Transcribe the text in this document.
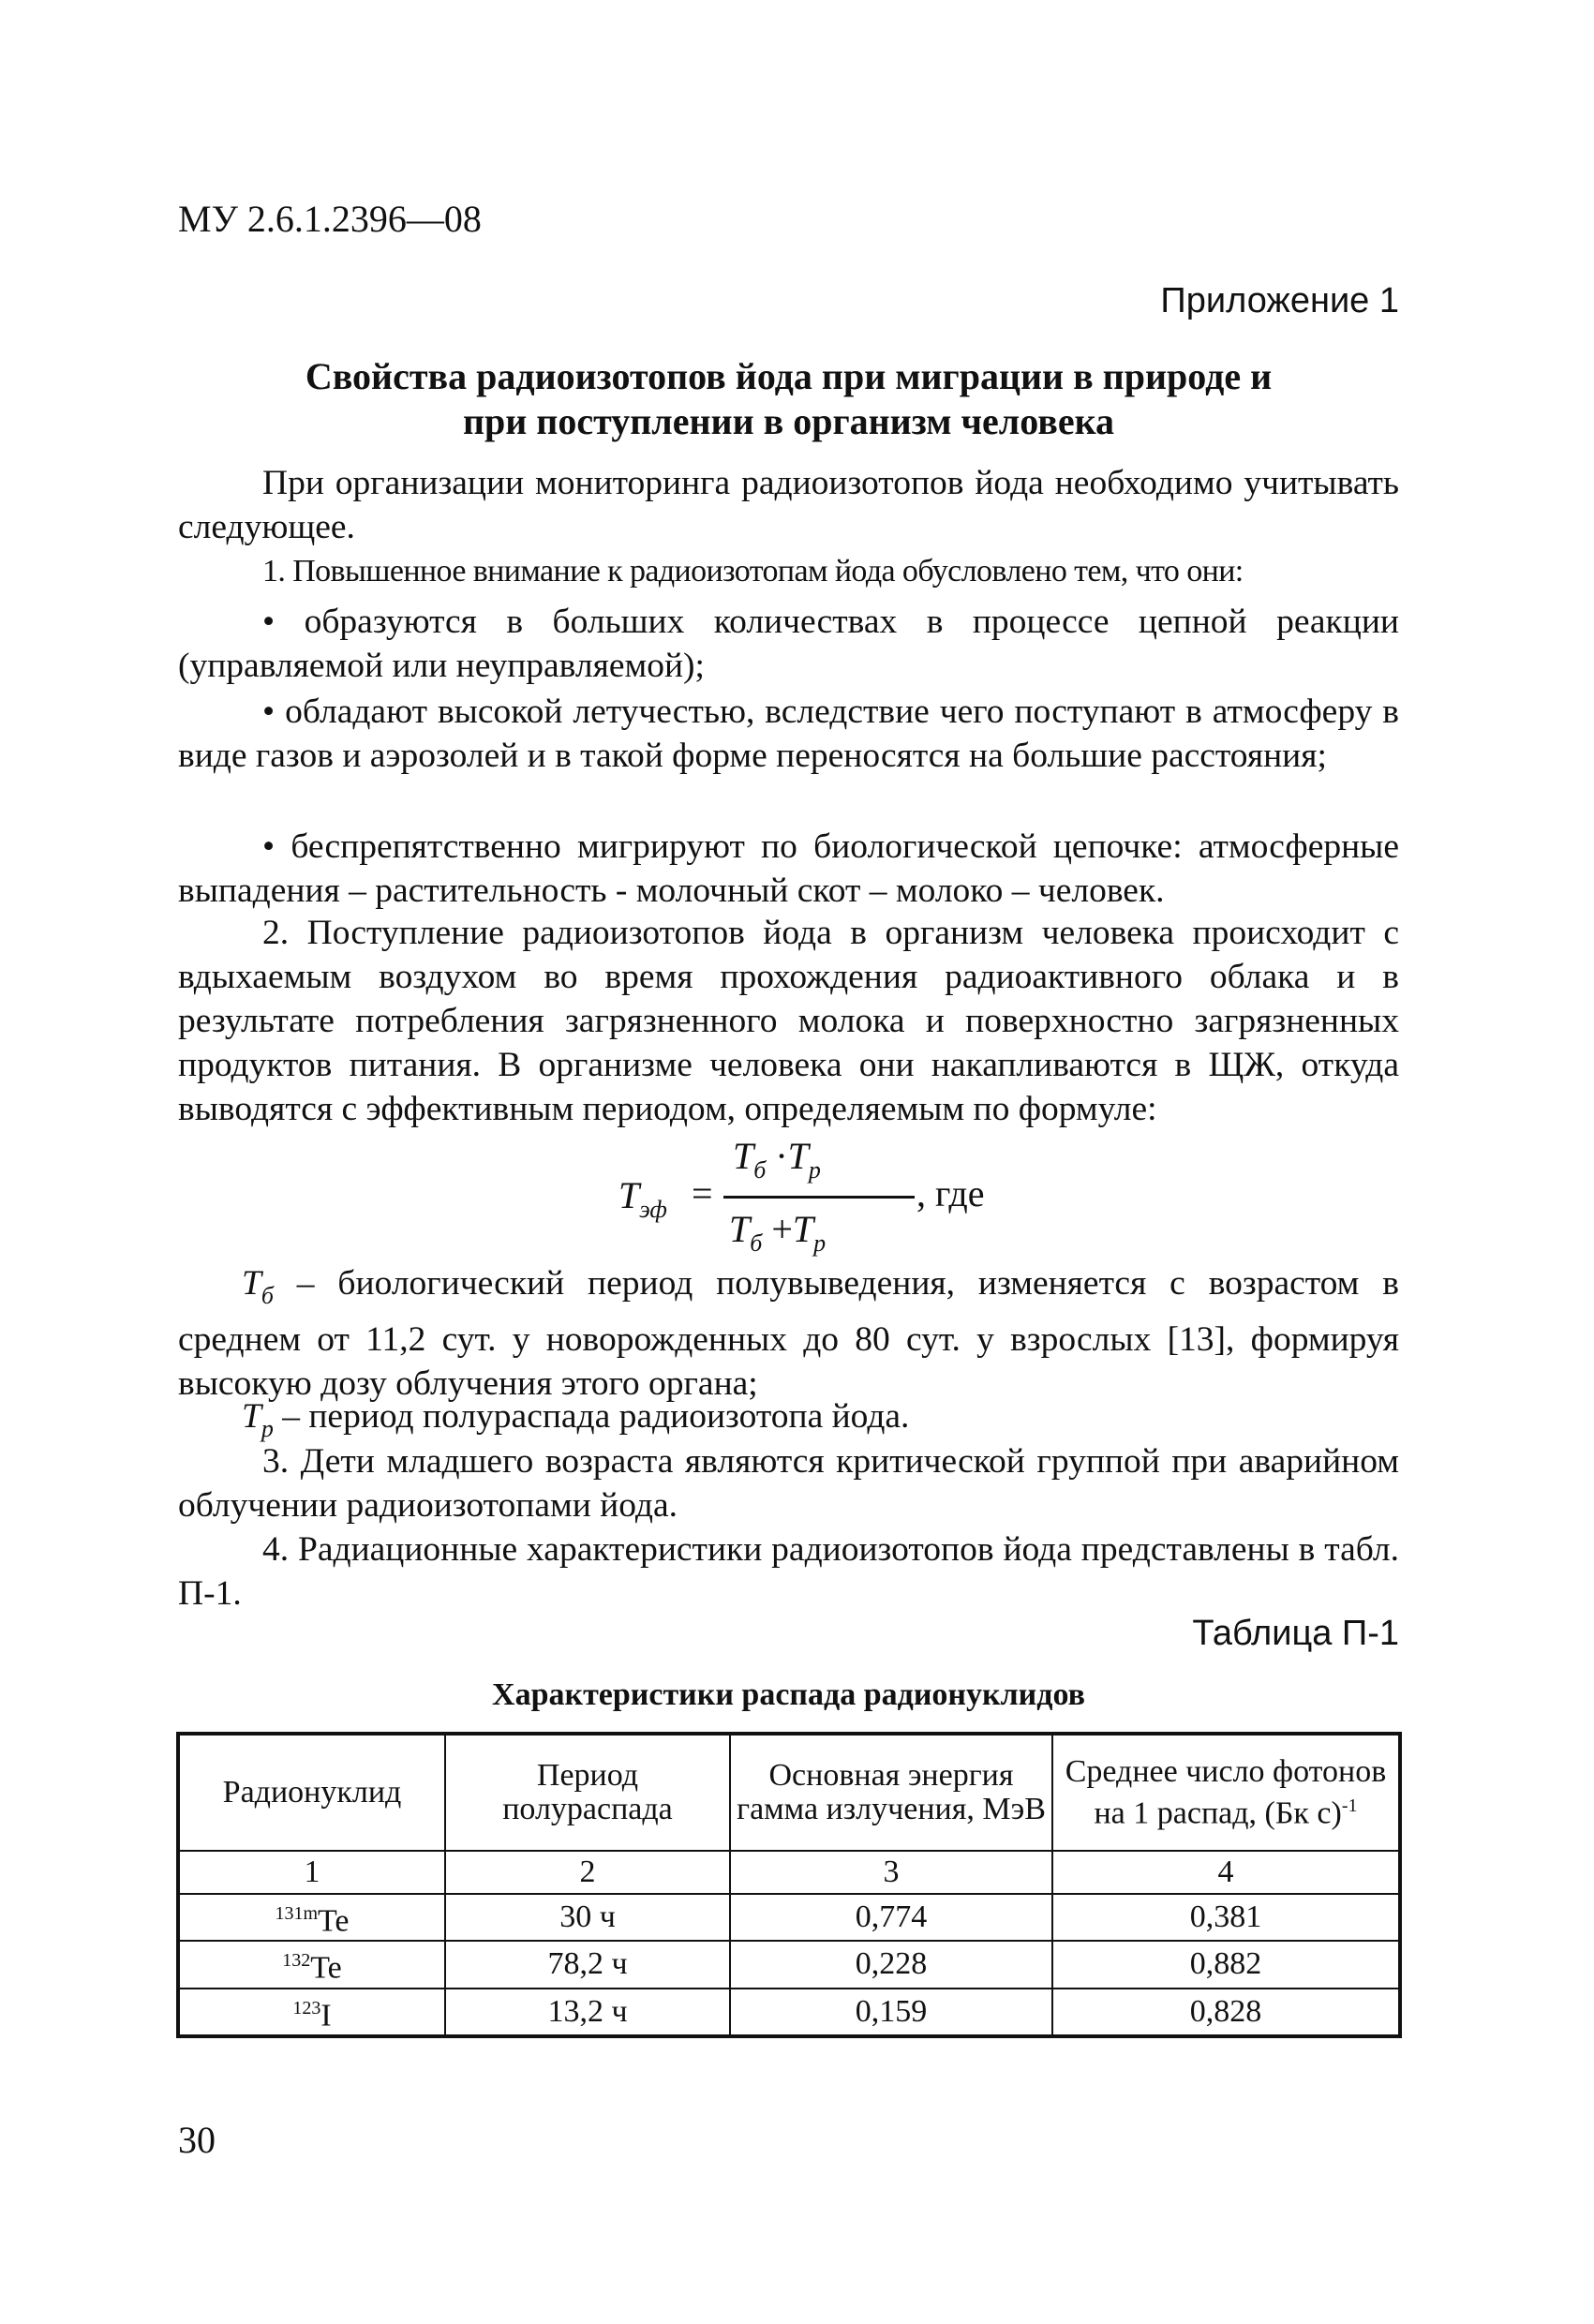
МУ 2.6.1.2396—08
Приложение 1
Свойства радиоизотопов йода при миграции в природе и
при поступлении в организм человека

При организации мониторинга радиоизотопов йода необходимо учитывать следующее.

1. Повышенное внимание к радиоизотопам йода обусловлено тем, что они:

• образуются в больших количествах в процессе цепной реакции (управляемой или неуправляемой);

• обладают высокой летучестью, вследствие чего поступают в атмосферу в виде газов и аэрозолей и в такой форме переносятся на большие расстояния;

• беспрепятственно мигрируют по биологической цепочке: атмосферные выпадения – растительность - молочный скот – молоко – человек.

2. Поступление радиоизотопов йода в организм человека происходит с вдыхаемым воздухом во время прохождения радиоактивного облака и в результате потребления загрязненного молока и поверхностно загрязненных продуктов питания. В организме человека они накапливаются в ЩЖ, откуда выводятся с эффективным периодом, определяемым по формуле:

$T_{эф}$ =
$T_б \cdot T_p$
$T_б +T_p$
, где

$T_б$ – биологический период полувыведения, изменяется с возрастом в среднем от 11,2 сут. у новорожденных до 80 сут. у взрослых [13], формируя высокую дозу облучения этого органа;

$T_p$ – период полураспада радиоизотопа йода.

3. Дети младшего возраста являются критической группой при аварийном облучении радиоизотопами йода.

4. Радиационные характеристики радиоизотопов йода представлены в табл. П-1.

Таблица П-1
Характеристики распада радионуклидов
Радионуклид	Период полураспада	Основная энергия гамма излучения, МэВ	Среднее число фотонов на 1 распад, (Бк с)$^{-1}$
1	2	3	4
$^{131m}$Te	30 ч	0,774	0,381
$^{132}$Te	78,2 ч	0,228	0,882
$^{123}$I	13,2 ч	0,159	0,828
30
